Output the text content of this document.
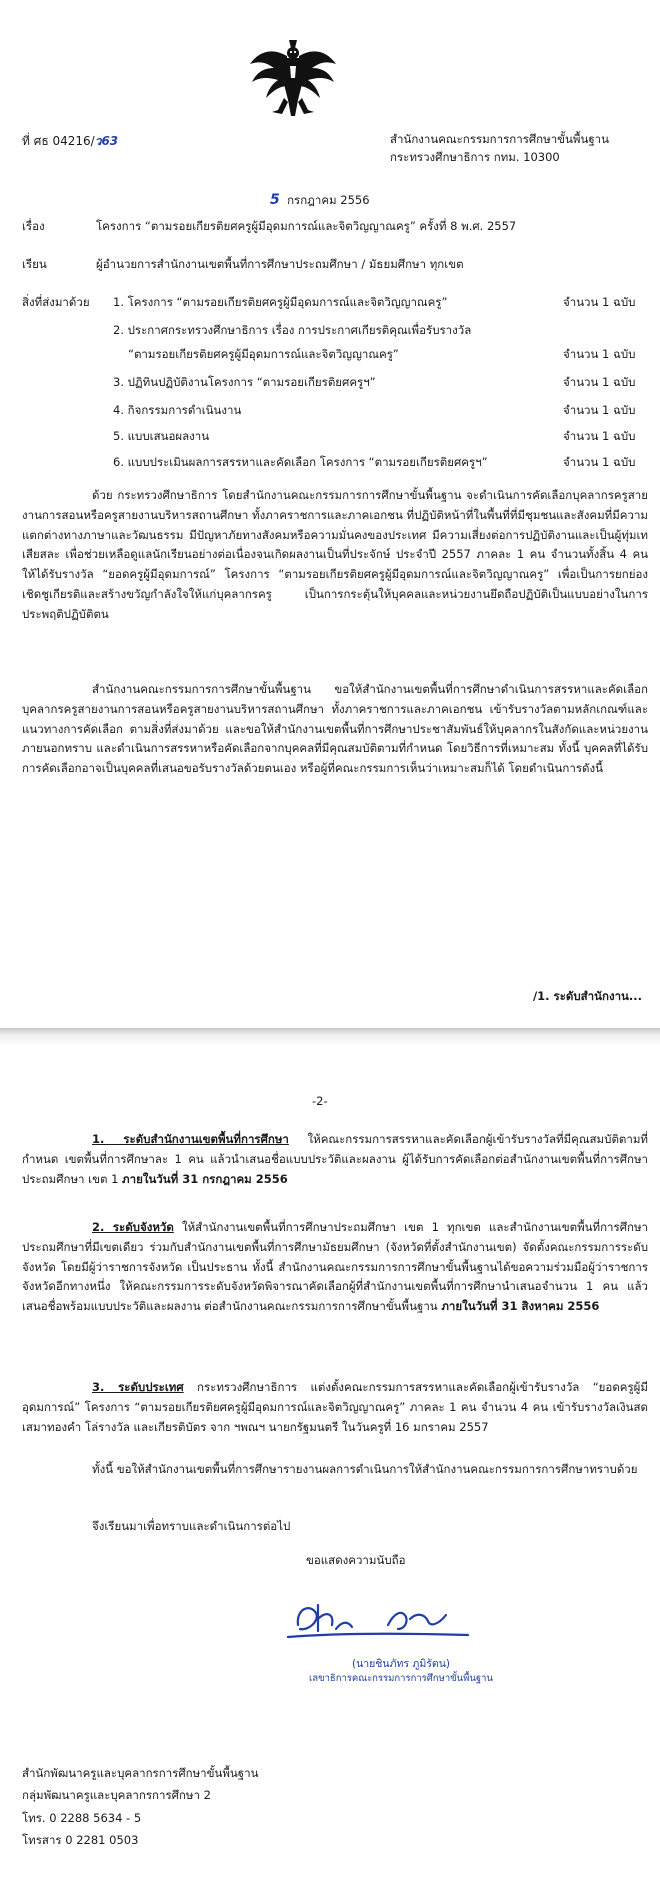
ที่ ศธ 04216/ว63	สำนักงานคณะกรรมการการศึกษาขั้นพื้นฐาน
กระทรวงศึกษาธิการ กทม. 10300
5 กรกฎาคม 2556
เรื่อง	โครงการ “ตามรอยเกียรติยศครูผู้มีอุดมการณ์และจิตวิญญาณครู” ครั้งที่ 8 พ.ศ. 2557
เรียน	ผู้อำนวยการสำนักงานเขตพื้นที่การศึกษาประถมศึกษา / มัธยมศึกษา ทุกเขต
สิ่งที่ส่งมาด้วย 1. โครงการ “ตามรอยเกียรติยศครูผู้มีอุดมการณ์และจิตวิญญาณครู”	จำนวน 1 ฉบับ
2. ประกาศกระทรวงศึกษาธิการ เรื่อง การประกาศเกียรติคุณเพื่อรับรางวัล
“ตามรอยเกียรติยศครูผู้มีอุดมการณ์และจิตวิญญาณครู”	จำนวน 1 ฉบับ
3. ปฏิทินปฏิบัติงานโครงการ “ตามรอยเกียรติยศครูฯ”	จำนวน 1 ฉบับ
4. กิจกรรมการดำเนินงาน	จำนวน 1 ฉบับ
5. แบบเสนอผลงาน	จำนวน 1 ฉบับ
6. แบบประเมินผลการสรรหาและคัดเลือก โครงการ “ตามรอยเกียรติยศครูฯ”	จำนวน 1 ฉบับ

ด้วย กระทรวงศึกษาธิการ โดยสำนักงานคณะกรรมการการศึกษาขั้นพื้นฐาน จะดำเนินการคัดเลือกบุคลากรครูสายงานการสอนหรือครูสายงานบริหารสถานศึกษา ทั้งภาคราชการและภาคเอกชน ที่ปฏิบัติหน้าที่ในพื้นที่ที่มีชุมชนและสังคมที่มีความแตกต่างทางภาษาและวัฒนธรรม มีปัญหาภัยทางสังคมหรือความมั่นคงของประเทศ มีความเสี่ยงต่อการปฏิบัติงานและเป็นผู้ทุ่มเท เสียสละ เพื่อช่วยเหลือดูแลนักเรียนอย่างต่อเนื่องจนเกิดผลงานเป็นที่ประจักษ์ ประจำปี 2557 ภาคละ 1 คน จำนวนทั้งสิ้น 4 คน ให้ได้รับรางวัล “ยอดครูผู้มีอุดมการณ์” โครงการ “ตามรอยเกียรติยศครูผู้มีอุดมการณ์และจิตวิญญาณครู” เพื่อเป็นการยกย่องเชิดชูเกียรติและสร้างขวัญกำลังใจให้แก่บุคลากรครู เป็นการกระตุ้นให้บุคคลและหน่วยงานยึดถือปฏิบัติเป็นแบบอย่างในการประพฤติปฏิบัติตน

สำนักงานคณะกรรมการการศึกษาขั้นพื้นฐาน ขอให้สำนักงานเขตพื้นที่การศึกษาดำเนินการสรรหาและคัดเลือกบุคลากรครูสายงานการสอนหรือครูสายงานบริหารสถานศึกษา ทั้งภาคราชการและภาคเอกชน เข้ารับรางวัลตามหลักเกณฑ์และแนวทางการคัดเลือก ตามสิ่งที่ส่งมาด้วย และขอให้สำนักงานเขตพื้นที่การศึกษาประชาสัมพันธ์ให้บุคลากรในสังกัดและหน่วยงานภายนอกทราบ และดำเนินการสรรหาหรือคัดเลือกจากบุคคลที่มีคุณสมบัติตามที่กำหนด โดยวิธีการที่เหมาะสม ทั้งนี้ บุคคลที่ได้รับการคัดเลือกอาจเป็นบุคคลที่เสนอขอรับรางวัลด้วยตนเอง หรือผู้ที่คณะกรรมการเห็นว่าเหมาะสมก็ได้ โดยดำเนินการดังนี้

/1. ระดับสำนักงาน...
-2-

1. ระดับสำนักงานเขตพื้นที่การศึกษา ให้คณะกรรมการสรรหาและคัดเลือกผู้เข้ารับรางวัลที่มีคุณสมบัติตามที่กำหนด เขตพื้นที่การศึกษาละ 1 คน แล้วนำเสนอชื่อแบบประวัติและผลงาน ผู้ได้รับการคัดเลือกต่อสำนักงานเขตพื้นที่การศึกษาประถมศึกษา เขต 1 ภายในวันที่ 31 กรกฎาคม 2556

2. ระดับจังหวัด ให้สำนักงานเขตพื้นที่การศึกษาประถมศึกษา เขต 1 ทุกเขต และสำนักงานเขตพื้นที่การศึกษาประถมศึกษาที่มีเขตเดียว ร่วมกับสำนักงานเขตพื้นที่การศึกษามัธยมศึกษา (จังหวัดที่ตั้งสำนักงานเขต) จัดตั้งคณะกรรมการระดับจังหวัด โดยมีผู้ว่าราชการจังหวัด เป็นประธาน ทั้งนี้ สำนักงานคณะกรรมการการศึกษาขั้นพื้นฐานได้ขอความร่วมมือผู้ว่าราชการจังหวัดอีกทางหนึ่ง ให้คณะกรรมการระดับจังหวัดพิจารณาคัดเลือกผู้ที่สำนักงานเขตพื้นที่การศึกษานำเสนอจำนวน 1 คน แล้วเสนอชื่อพร้อมแบบประวัติและผลงาน ต่อสำนักงานคณะกรรมการการศึกษาขั้นพื้นฐาน ภายในวันที่ 31 สิงหาคม 2556

3. ระดับประเทศ กระทรวงศึกษาธิการ แต่งตั้งคณะกรรมการสรรหาและคัดเลือกผู้เข้ารับรางวัล “ยอดครูผู้มีอุดมการณ์” โครงการ “ตามรอยเกียรติยศครูผู้มีอุดมการณ์และจิตวิญญาณครู” ภาคละ 1 คน จำนวน 4 คน เข้ารับรางวัลเงินสด เสมาทองคำ โล่รางวัล และเกียรติบัตร จาก ฯพณฯ นายกรัฐมนตรี ในวันครูที่ 16 มกราคม 2557

ทั้งนี้ ขอให้สำนักงานเขตพื้นที่การศึกษารายงานผลการดำเนินการให้สำนักงานคณะกรรมการการศึกษาทราบด้วย

จึงเรียนมาเพื่อทราบและดำเนินการต่อไป
ขอแสดงความนับถือ
(นายชินภัทร ภูมิรัตน)
เลขาธิการคณะกรรมการการศึกษาขั้นพื้นฐาน
สำนักพัฒนาครูและบุคลากรการศึกษาขั้นพื้นฐาน
กลุ่มพัฒนาครูและบุคลากรการศึกษา 2
โทร. 0 2288 5634 - 5
โทรสาร 0 2281 0503
